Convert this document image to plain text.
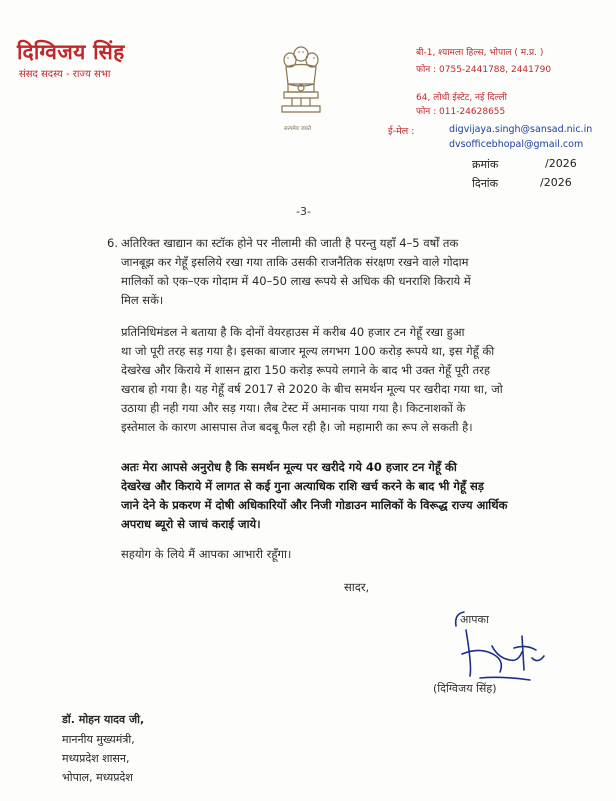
दिग्विजय सिंह
संसद सदस्य - राज्य सभा
सत्यमेव जयते
बी-1, श्यामला हिल्स, भोपाल ( म.प्र. )
फोन : 0755-2441788, 2441790
64, लोधी ईस्टेट, नई दिल्ली
फोन : 011-24628655
ई-मेल :	digvijaya.singh@sansad.nic.in
dvsofficebhopal@gmail.com
क्रमांक	/2026
दिनांक	/2026
-3-
6. अतिरिक्त खाद्यान का स्टॉक होने पर नीलामी की जाती है परन्तु यहाँ 4–5 वर्षों तक
जानबूझ कर गेहूँ इसलिये रखा गया ताकि उसकी राजनैतिक संरक्षण रखने वाले गोदाम
मालिकों को एक–एक गोदाम में 40–50 लाख रूपये से अधिक की धनराशि किराये में
मिल सकें।
प्रतिनिधिमंडल ने बताया है कि दोनों वेयरहाउस में करीब 40 हजार टन गेहूँ रखा हुआ
था जो पूरी तरह सड़ गया है। इसका बाजार मूल्य लगभग 100 करोड़ रूपये था, इस गेहूँ की
देखरेख और किराये में शासन द्वारा 150 करोड़ रूपये लगाने के बाद भी उक्त गेहूँ पूरी तरह
खराब हो गया है। यह गेहूँ वर्ष 2017 से 2020 के बीच समर्थन मूल्य पर खरीदा गया था, जो
उठाया ही नही गया और सड़ गया। लैब टेस्ट में अमानक पाया गया है। किटनाशकों के
इस्तेमाल के कारण आसपास तेज बदबू फैल रही है। जो महामारी का रूप ले सकती है।
अतः मेरा आपसे अनुरोध है कि समर्थन मूल्य पर खरीदे गये 40 हजार टन गेहूँ की
देखरेख और किराये में लागत से कई गुना अत्याधिक राशि खर्च करने के बाद भी गेहूँ सड़
जाने देने के प्रकरण में दोषी अधिकारियों और निजी गोडाउन मालिकों के विरूद्ध राज्य आर्थिक
अपराध ब्यूरो से जाचं कराई जाये।
सहयोग के लिये मैं आपका आभारी रहूँगा।
सादर,
आपका
(दिग्विजय सिंह)
डॉ. मोहन यादव जी,
माननीय मुख्यमंत्री,
मध्यप्रदेश शासन,
भोपाल, मध्यप्रदेश
